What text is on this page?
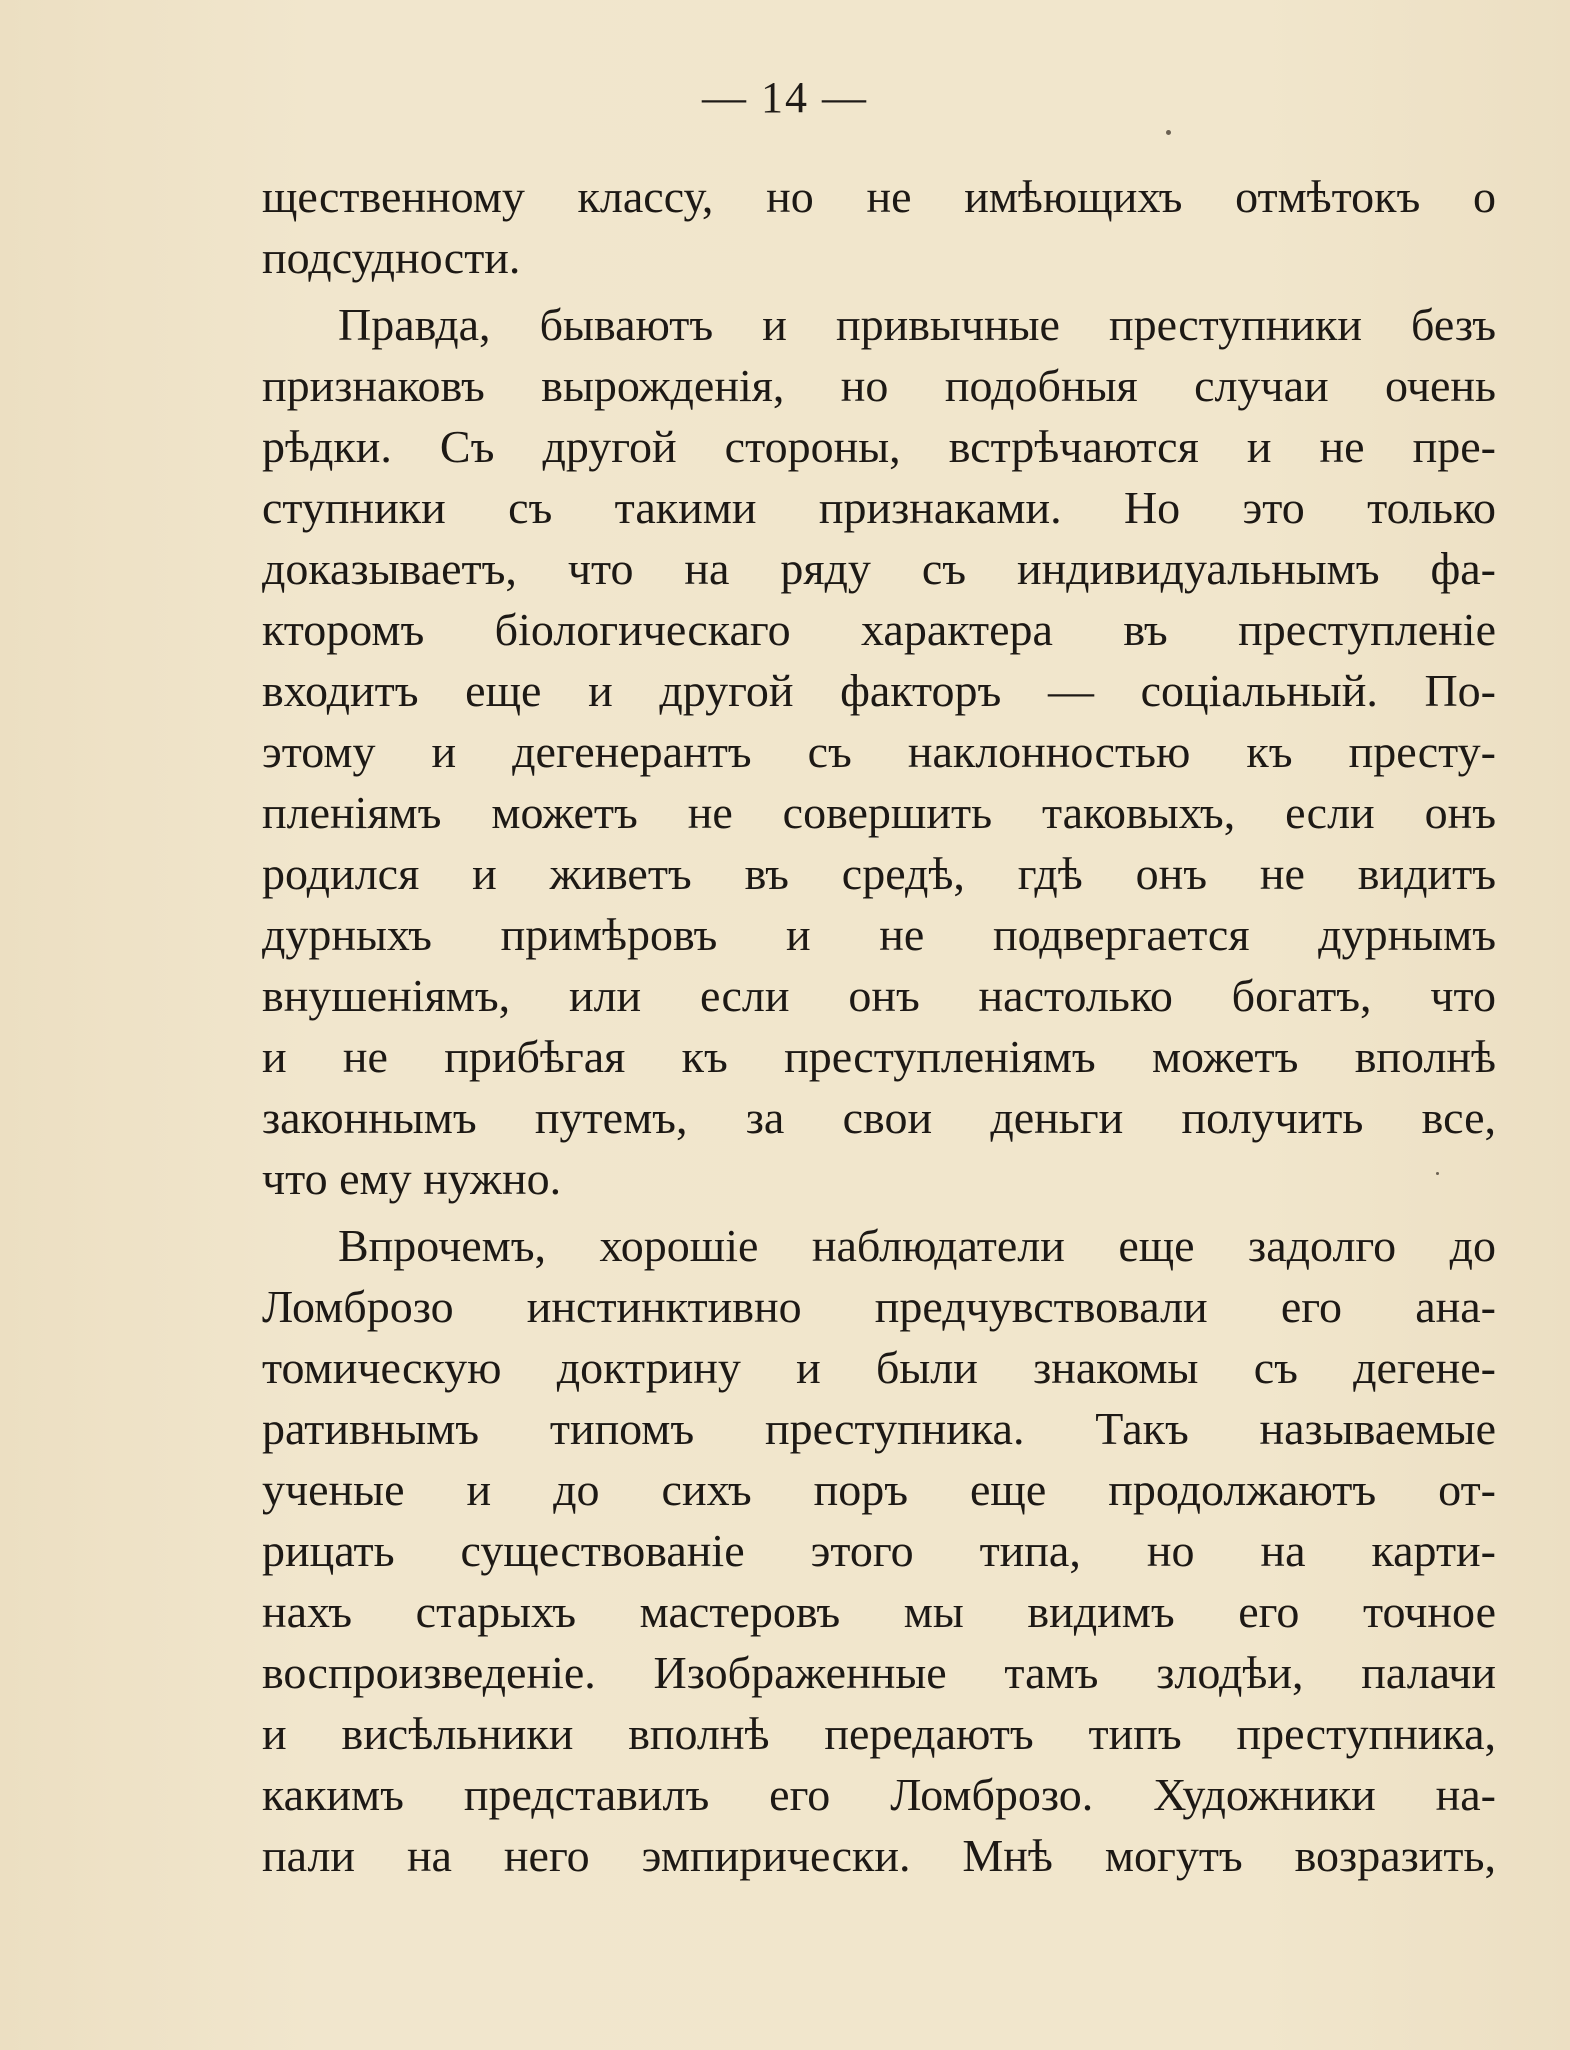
— 14 —
щественному классу, но не имѣющихъ отмѣтокъ о
подсудности.
Правда, бываютъ и привычные преступники безъ
признаковъ вырожденія, но подобныя случаи очень
рѣдки. Съ другой стороны, встрѣчаются и не пре-
ступники съ такими признаками. Но это только
доказываетъ, что на ряду съ индивидуальнымъ фа-
кторомъ біологическаго характера въ преступленіе
входитъ еще и другой факторъ — соціальный. По-
этому и дегенерантъ съ наклонностью къ престу-
пленіямъ можетъ не совершить таковыхъ, если онъ
родился и живетъ въ средѣ, гдѣ онъ не видитъ
дурныхъ примѣровъ и не подвергается дурнымъ
внушеніямъ, или если онъ настолько богатъ, что
и не прибѣгая къ преступленіямъ можетъ вполнѣ
законнымъ путемъ, за свои деньги получить все,
что ему нужно.
Впрочемъ, хорошіе наблюдатели еще задолго до
Ломброзо инстинктивно предчувствовали его ана-
томическую доктрину и были знакомы съ дегене-
ративнымъ типомъ преступника. Такъ называемые
ученые и до сихъ поръ еще продолжаютъ от-
рицать существованіе этого типа, но на карти-
нахъ старыхъ мастеровъ мы видимъ его точное
воспроизведеніе. Изображенные тамъ злодѣи, палачи
и висѣльники вполнѣ передаютъ типъ преступника,
какимъ представилъ его Ломброзо. Художники на-
пали на него эмпирически. Мнѣ могутъ возразить,
